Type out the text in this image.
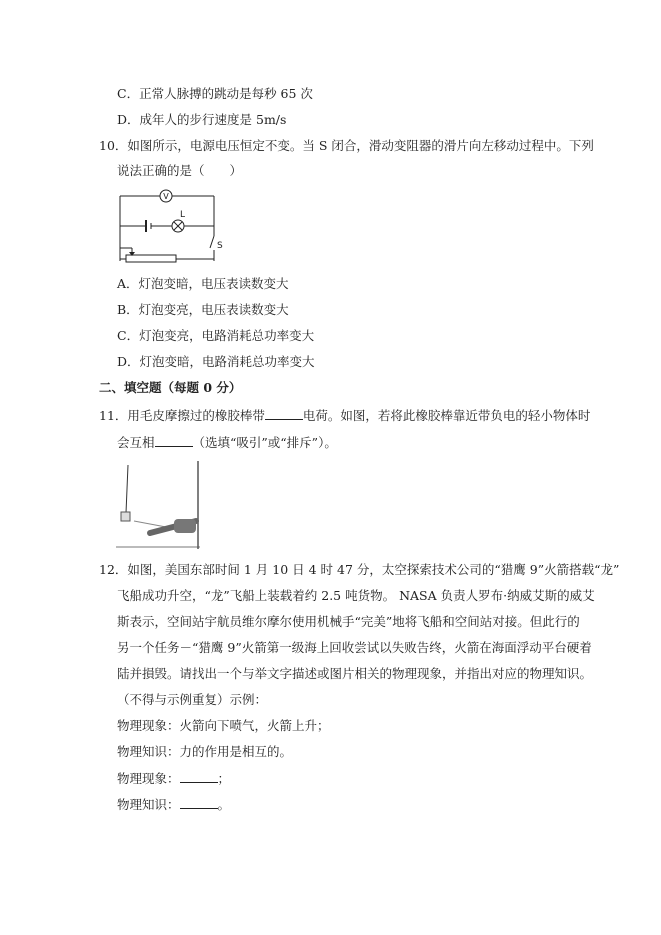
C．正常人脉搏的跳动是每秒 65 次
D．成年人的步行速度是 5m/s
10．如图所示，电源电压恒定不变。当 S 闭合，滑动变阻器的滑片向左移动过程中。下列
说法正确的是（　　）
V
L
S
A．灯泡变暗，电压表读数变大
B．灯泡变亮，电压表读数变大
C．灯泡变亮，电路消耗总功率变大
D．灯泡变暗，电路消耗总功率变大
二、填空题（每题 0 分）
11．用毛皮摩擦过的橡胶棒带	电荷。如图，若将此橡胶棒靠近带负电的轻小物体时
会互相	（选填“吸引”或“排斥”）。
12．如图，美国东部时间 1 月 10 日 4 时 47 分，太空探索技术公司的“猎鹰 9”火箭搭载“龙”
飞船成功升空，“龙”飞船上装载着约 2.5 吨货物。 NASA 负责人罗布·纳威艾斯的威艾
斯表示，空间站宇航员维尔摩尔使用机械手“完美”地将飞船和空间站对接。但此行的
另一个任务－“猎鹰 9”火箭第一级海上回收尝试以失败告终，火箭在海面浮动平台硬着
陆并損毁。请找出一个与举文字描述或图片相关的物理现象，并指出对应的物理知识。
（不得与示例重复）示例：
物理现象：火箭向下喷气，火箭上升；
物理知识：力的作用是相互的。
物理现象：	；
物理知识：	。
